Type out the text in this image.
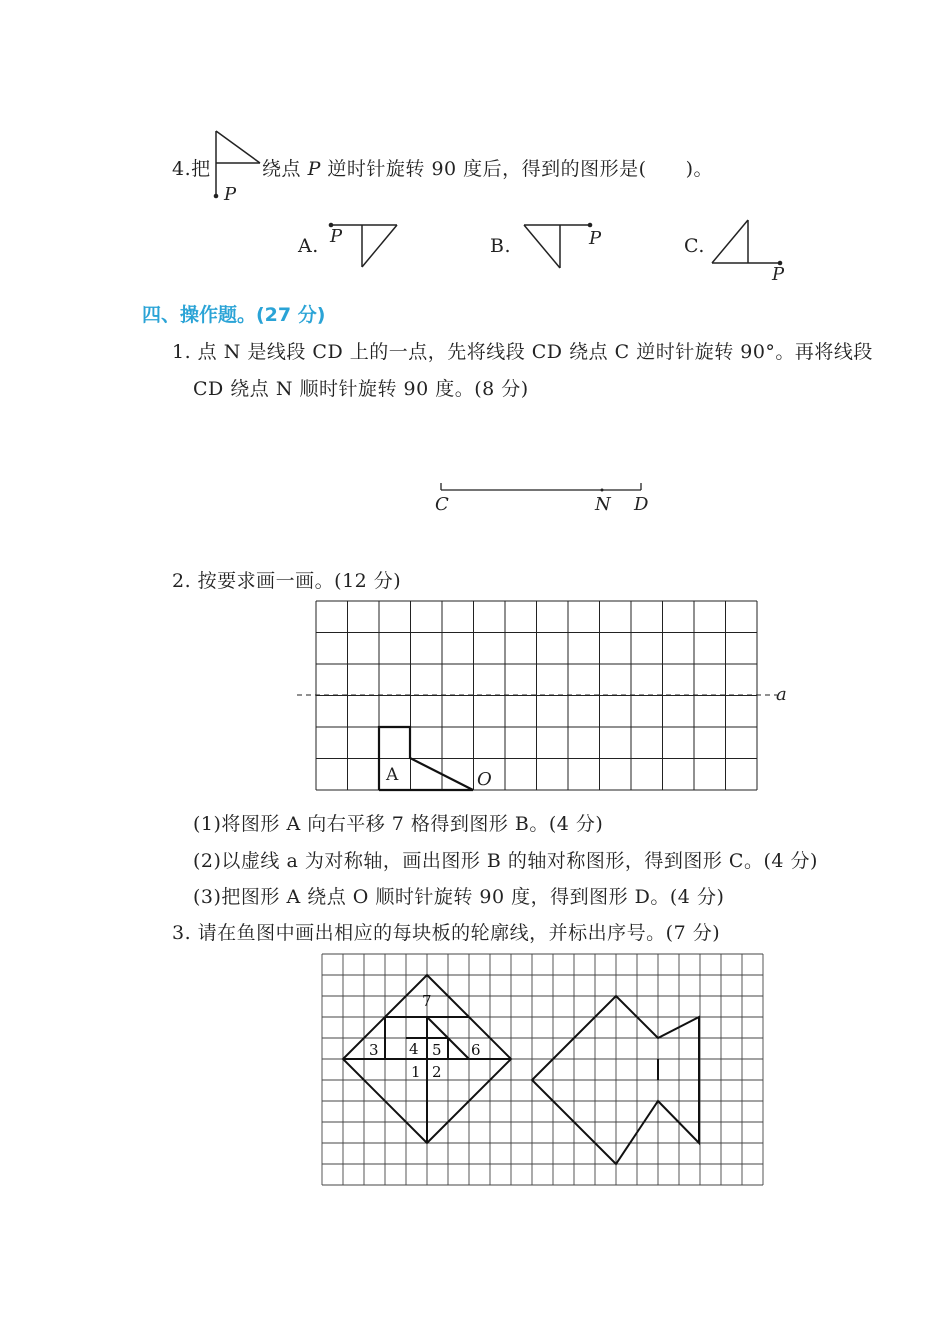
4.把
P
绕点 P 逆时针旋转 90 度后，得到的图形是(　　)。
A. P	B.	P	C.
P
四、操作题。(27 分)
1. 点 N 是线段 CD 上的一点，先将线段 CD 绕点 C 逆时针旋转 90°。再将线段
CD 绕点 N 顺时针旋转 90 度。(8 分)
C	N D
2. 按要求画一画。(12 分)
a
A	O
(1)将图形 A 向右平移 7 格得到图形 B。(4 分)
(2)以虚线 a 为对称轴，画出图形 B 的轴对称图形，得到图形 C。(4 分)
(3)把图形 A 绕点 O 顺时针旋转 90 度，得到图形 D。(4 分)
3. 请在鱼图中画出相应的每块板的轮廓线，并标出序号。(7 分)
7
3 4 5 6
1 2
